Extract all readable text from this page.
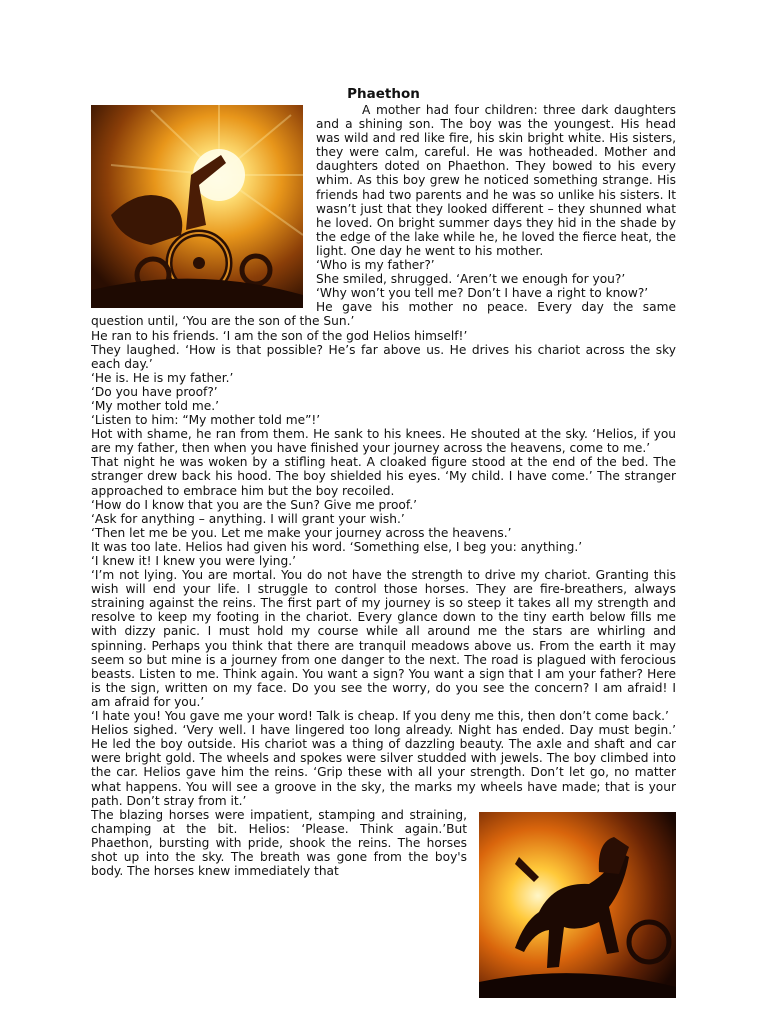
Phaethon

A mother had four children: three dark daughters and a shining son. The boy was the youngest. His head was wild and red like fire, his skin bright white. His sisters, they were calm, careful. He was hotheaded. Mother and daughters doted on Phaethon. They bowed to his every whim. As this boy grew he noticed something strange. His friends had two parents and he was so unlike his sisters. It wasn’t just that they looked different – they shunned what he loved. On bright summer days they hid in the shade by the edge of the lake while he, he loved the fierce heat, the light. One day he went to his mother.

‘Who is my father?’

She smiled, shrugged. ‘Aren’t we enough for you?’

‘Why won’t you tell me? Don’t I have a right to know?’

He gave his mother no peace. Every day the same question until, ‘You are the son of the Sun.’

He ran to his friends. ‘I am the son of the god Helios himself!’

They laughed. ‘How is that possible? He’s far above us. He drives his chariot across the sky each day.’

‘He is. He is my father.’

‘Do you have proof?’

‘My mother told me.’

‘Listen to him: “My mother told me”!’

Hot with shame, he ran from them. He sank to his knees. He shouted at the sky. ‘Helios, if you are my father, then when you have finished your journey across the heavens, come to me.’

That night he was woken by a stifling heat. A cloaked figure stood at the end of the bed. The stranger drew back his hood. The boy shielded his eyes. ‘My child. I have come.’ The stranger approached to embrace him but the boy recoiled.

‘How do I know that you are the Sun? Give me proof.’

‘Ask for anything – anything. I will grant your wish.’

‘Then let me be you. Let me make your journey across the heavens.’

It was too late. Helios had given his word. ‘Something else, I beg you: anything.’

‘I knew it! I knew you were lying.’

‘I’m not lying. You are mortal. You do not have the strength to drive my chariot. Granting this wish will end your life. I struggle to control those horses. They are fire-breathers, always straining against the reins. The first part of my journey is so steep it takes all my strength and resolve to keep my footing in the chariot. Every glance down to the tiny earth below fills me with dizzy panic. I must hold my course while all around me the stars are whirling and spinning. Perhaps you think that there are tranquil meadows above us. From the earth it may seem so but mine is a journey from one danger to the next. The road is plagued with ferocious beasts. Listen to me. Think again. You want a sign? You want a sign that I am your father? Here is the sign, written on my face. Do you see the worry, do you see the concern? I am afraid! I am afraid for you.’

‘I hate you! You gave me your word! Talk is cheap. If you deny me this, then don’t come back.’

Helios sighed. ‘Very well. I have lingered too long already. Night has ended. Day must begin.’ He led the boy outside. His chariot was a thing of dazzling beauty. The axle and shaft and car were bright gold. The wheels and spokes were silver studded with jewels. The boy climbed into the car. Helios gave him the reins. ‘Grip these with all your strength. Don’t let go, no matter what happens. You will see a groove in the sky, the marks my wheels have made; that is your path. Don’t stray from it.’

The blazing horses were impatient, stamping and straining, champing at the bit. Helios: ‘Please. Think again.’But Phaethon, bursting with pride, shook the reins. The horses shot up into the sky. The breath was gone from the boy's body. The horses knew immediately that
